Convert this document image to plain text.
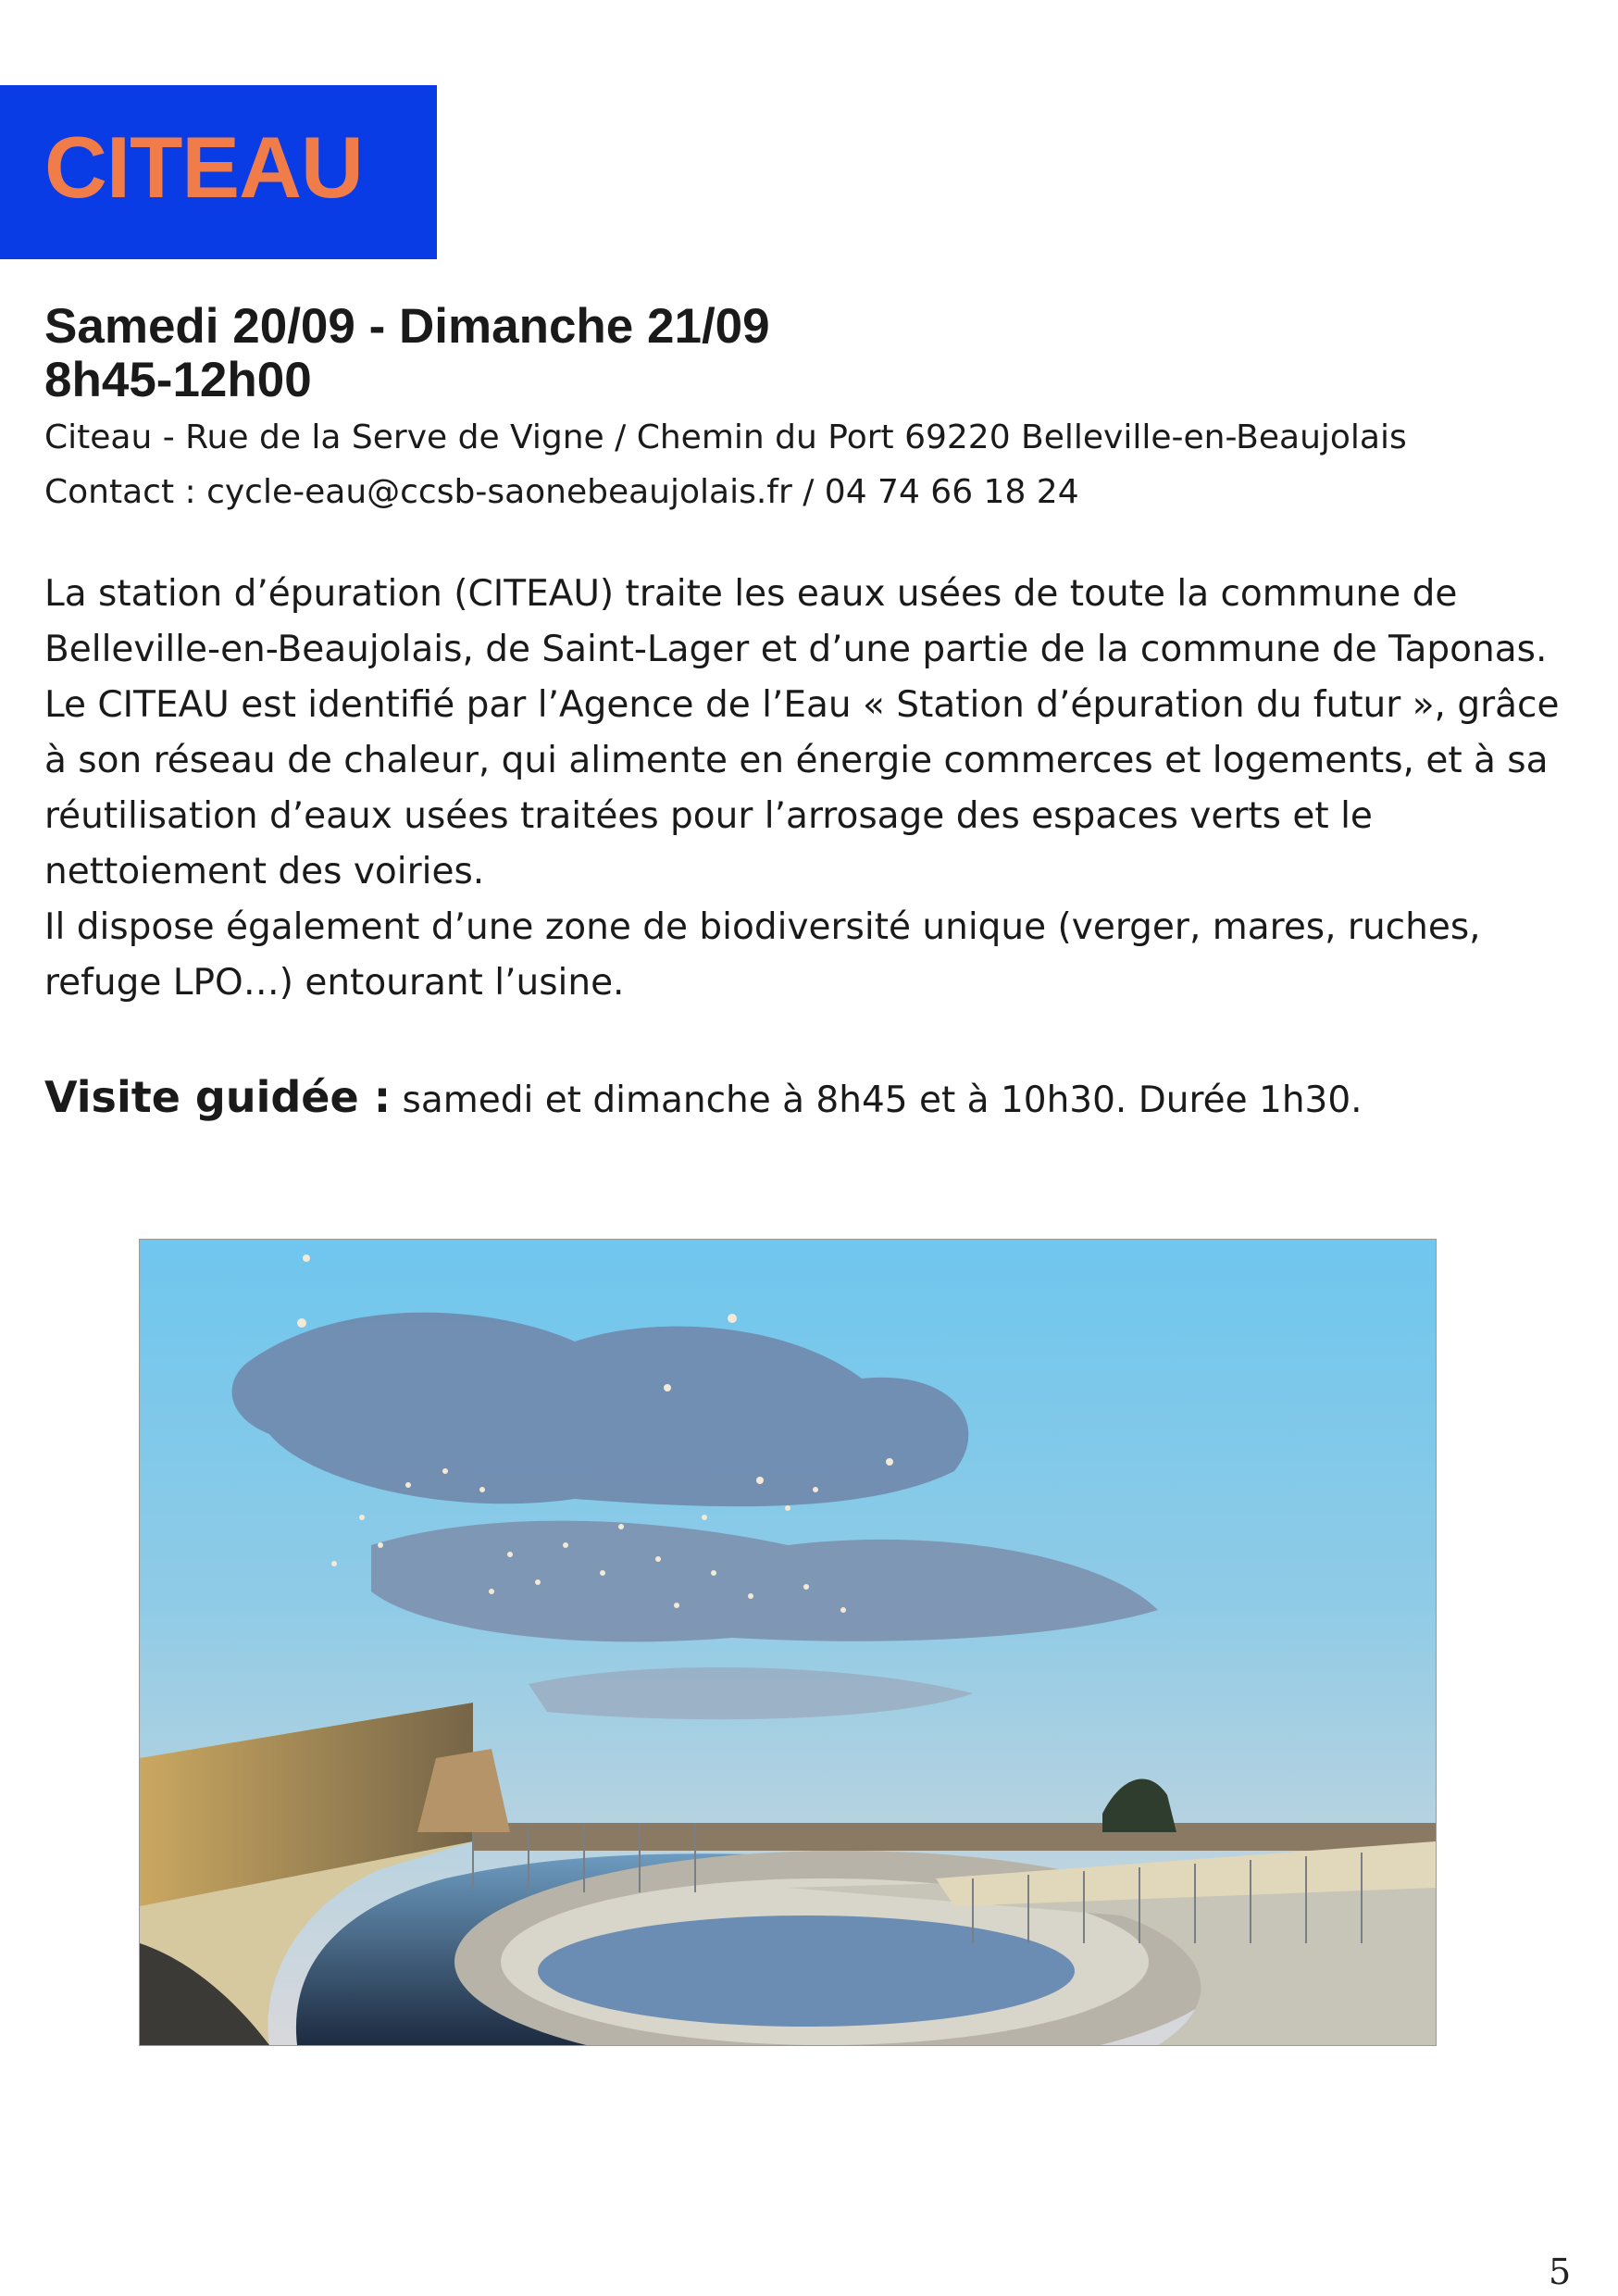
CITEAU
Samedi 20/09 - Dimanche 21/09
8h45-12h00
Citeau - Rue de la Serve de Vigne / Chemin du Port 69220 Belleville-en-Beaujolais
Contact : cycle-eau@ccsb-saonebeaujolais.fr / 04 74 66 18 24

La station d’épuration (CITEAU) traite les eaux usées de toute la commune de Belleville-en-Beaujolais, de Saint-Lager et d’une partie de la commune de Taponas. Le CITEAU est identifié par l’Agence de l’Eau « Station d’épuration du futur », grâce à son réseau de chaleur, qui alimente en énergie commerces et logements, et à sa réutilisation d’eaux usées traitées pour l’arrosage des espaces verts et le nettoiement des voiries.

Il dispose également d’une zone de biodiversité unique (verger, mares, ruches, refuge LPO…) entourant l’usine.

Visite guidée : samedi et dimanche à 8h45 et à 10h30. Durée 1h30.
5
